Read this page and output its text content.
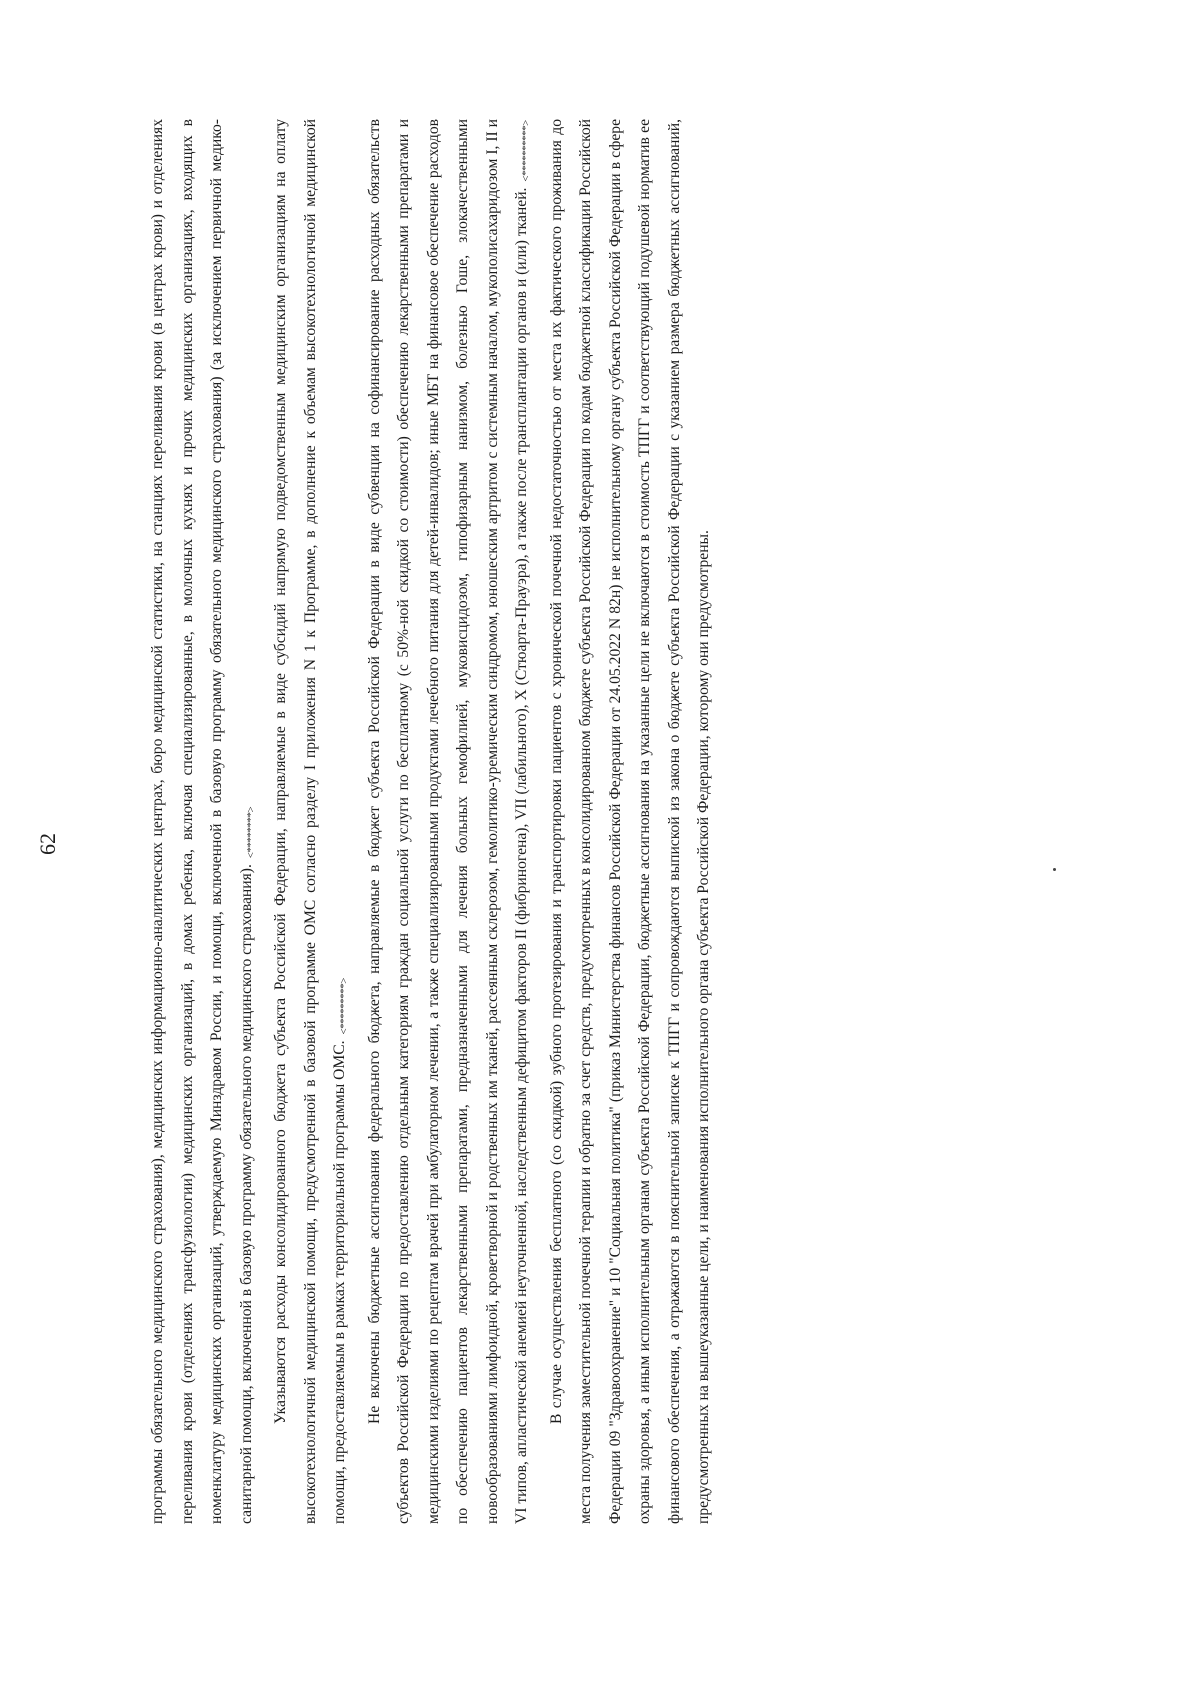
62	программы обязательного медицинского страхования), медицинских информационно-аналитических центрах, бюро медицинской статистики, на станциях переливания крови (в центрах крови) и отделениях переливания крови (отделениях трансфузиологии) медицинских организаций, в домах ребенка, включая специализированные, в молочных кухнях и прочих медицинских организациях, входящих в номенклатуру медицинских организаций, утверждаемую Минздравом России, и помощи, включенной в базовую программу обязательного медицинского страхования) (за исключением первичной медико-санитарной помощи, включенной в базовую программу обязательного медицинского страхования). <********> Указываются расходы консолидированного бюджета субъекта Российской Федерации, направляемые в виде субсидий напрямую подведомственным медицинским организациям на оплату высокотехнологичной медицинской помощи, предусмотренной в базовой программе ОМС согласно разделу I приложения N 1 к Программе, в дополнение к объемам высокотехнологичной медицинской помощи, предоставляемым в рамках территориальной программы ОМС. <*********> Не включены бюджетные ассигнования федерального бюджета, направляемые в бюджет субъекта Российской Федерации в виде субвенции на софинансирование расходных обязательств субъектов Российской Федерации по предоставлению отдельным категориям граждан социальной услуги по бесплатному (с 50%-ной скидкой со стоимости) обеспечению лекарственными препаратами и медицинскими изделиями по рецептам врачей при амбулаторном лечении, а также специализированными продуктами лечебного питания для детей-инвалидов; иные МБТ на финансовое обеспечение расходов по обеспечению пациентов лекарственными препаратами, предназначенными для лечения больных гемофилией, муковисцидозом, гипофизарным нанизмом, болезнью Гоше, злокачественными новообразованиями лимфоидной, кроветворной и родственных им тканей, рассеянным склерозом, гемолитико-уремическим синдромом, юношеским артритом с системным началом, мукополисахаридозом I, II и VI типов, апластической анемией неуточненной, наследственным дефицитом факторов II (фибриногена), VII (лабильного), X (Стюарта-Прауэра), а также после трансплантации органов и (или) тканей. <**********> В случае осуществления бесплатного (со скидкой) зубного протезирования и транспортировки пациентов с хронической почечной недостаточностью от места их фактического проживания до места получения заместительной почечной терапии и обратно за счет средств, предусмотренных в консолидированном бюджете субъекта Российской Федерации по кодам бюджетной классификации Российской Федерации 09 "Здравоохранение" и 10 "Социальная политика" (приказ Министерства финансов Российской Федерации от 24.05.2022 N 82н) не исполнительному органу субъекта Российской Федерации в сфере охраны здоровья, а иным исполнительным органам субъекта Российской Федерации, бюджетные ассигнования на указанные цели не включаются в стоимость ТПГГ и соответствующий подушевой норматив ее финансового обеспечения, а отражаются в пояснительной записке к ТПГГ и сопровождаются выпиской из закона о бюджете субъекта Российской Федерации с указанием размера бюджетных ассигнований, предусмотренных на вышеуказанные цели, и наименования исполнительного органа субъекта Российской Федерации, которому они предусмотрены.
